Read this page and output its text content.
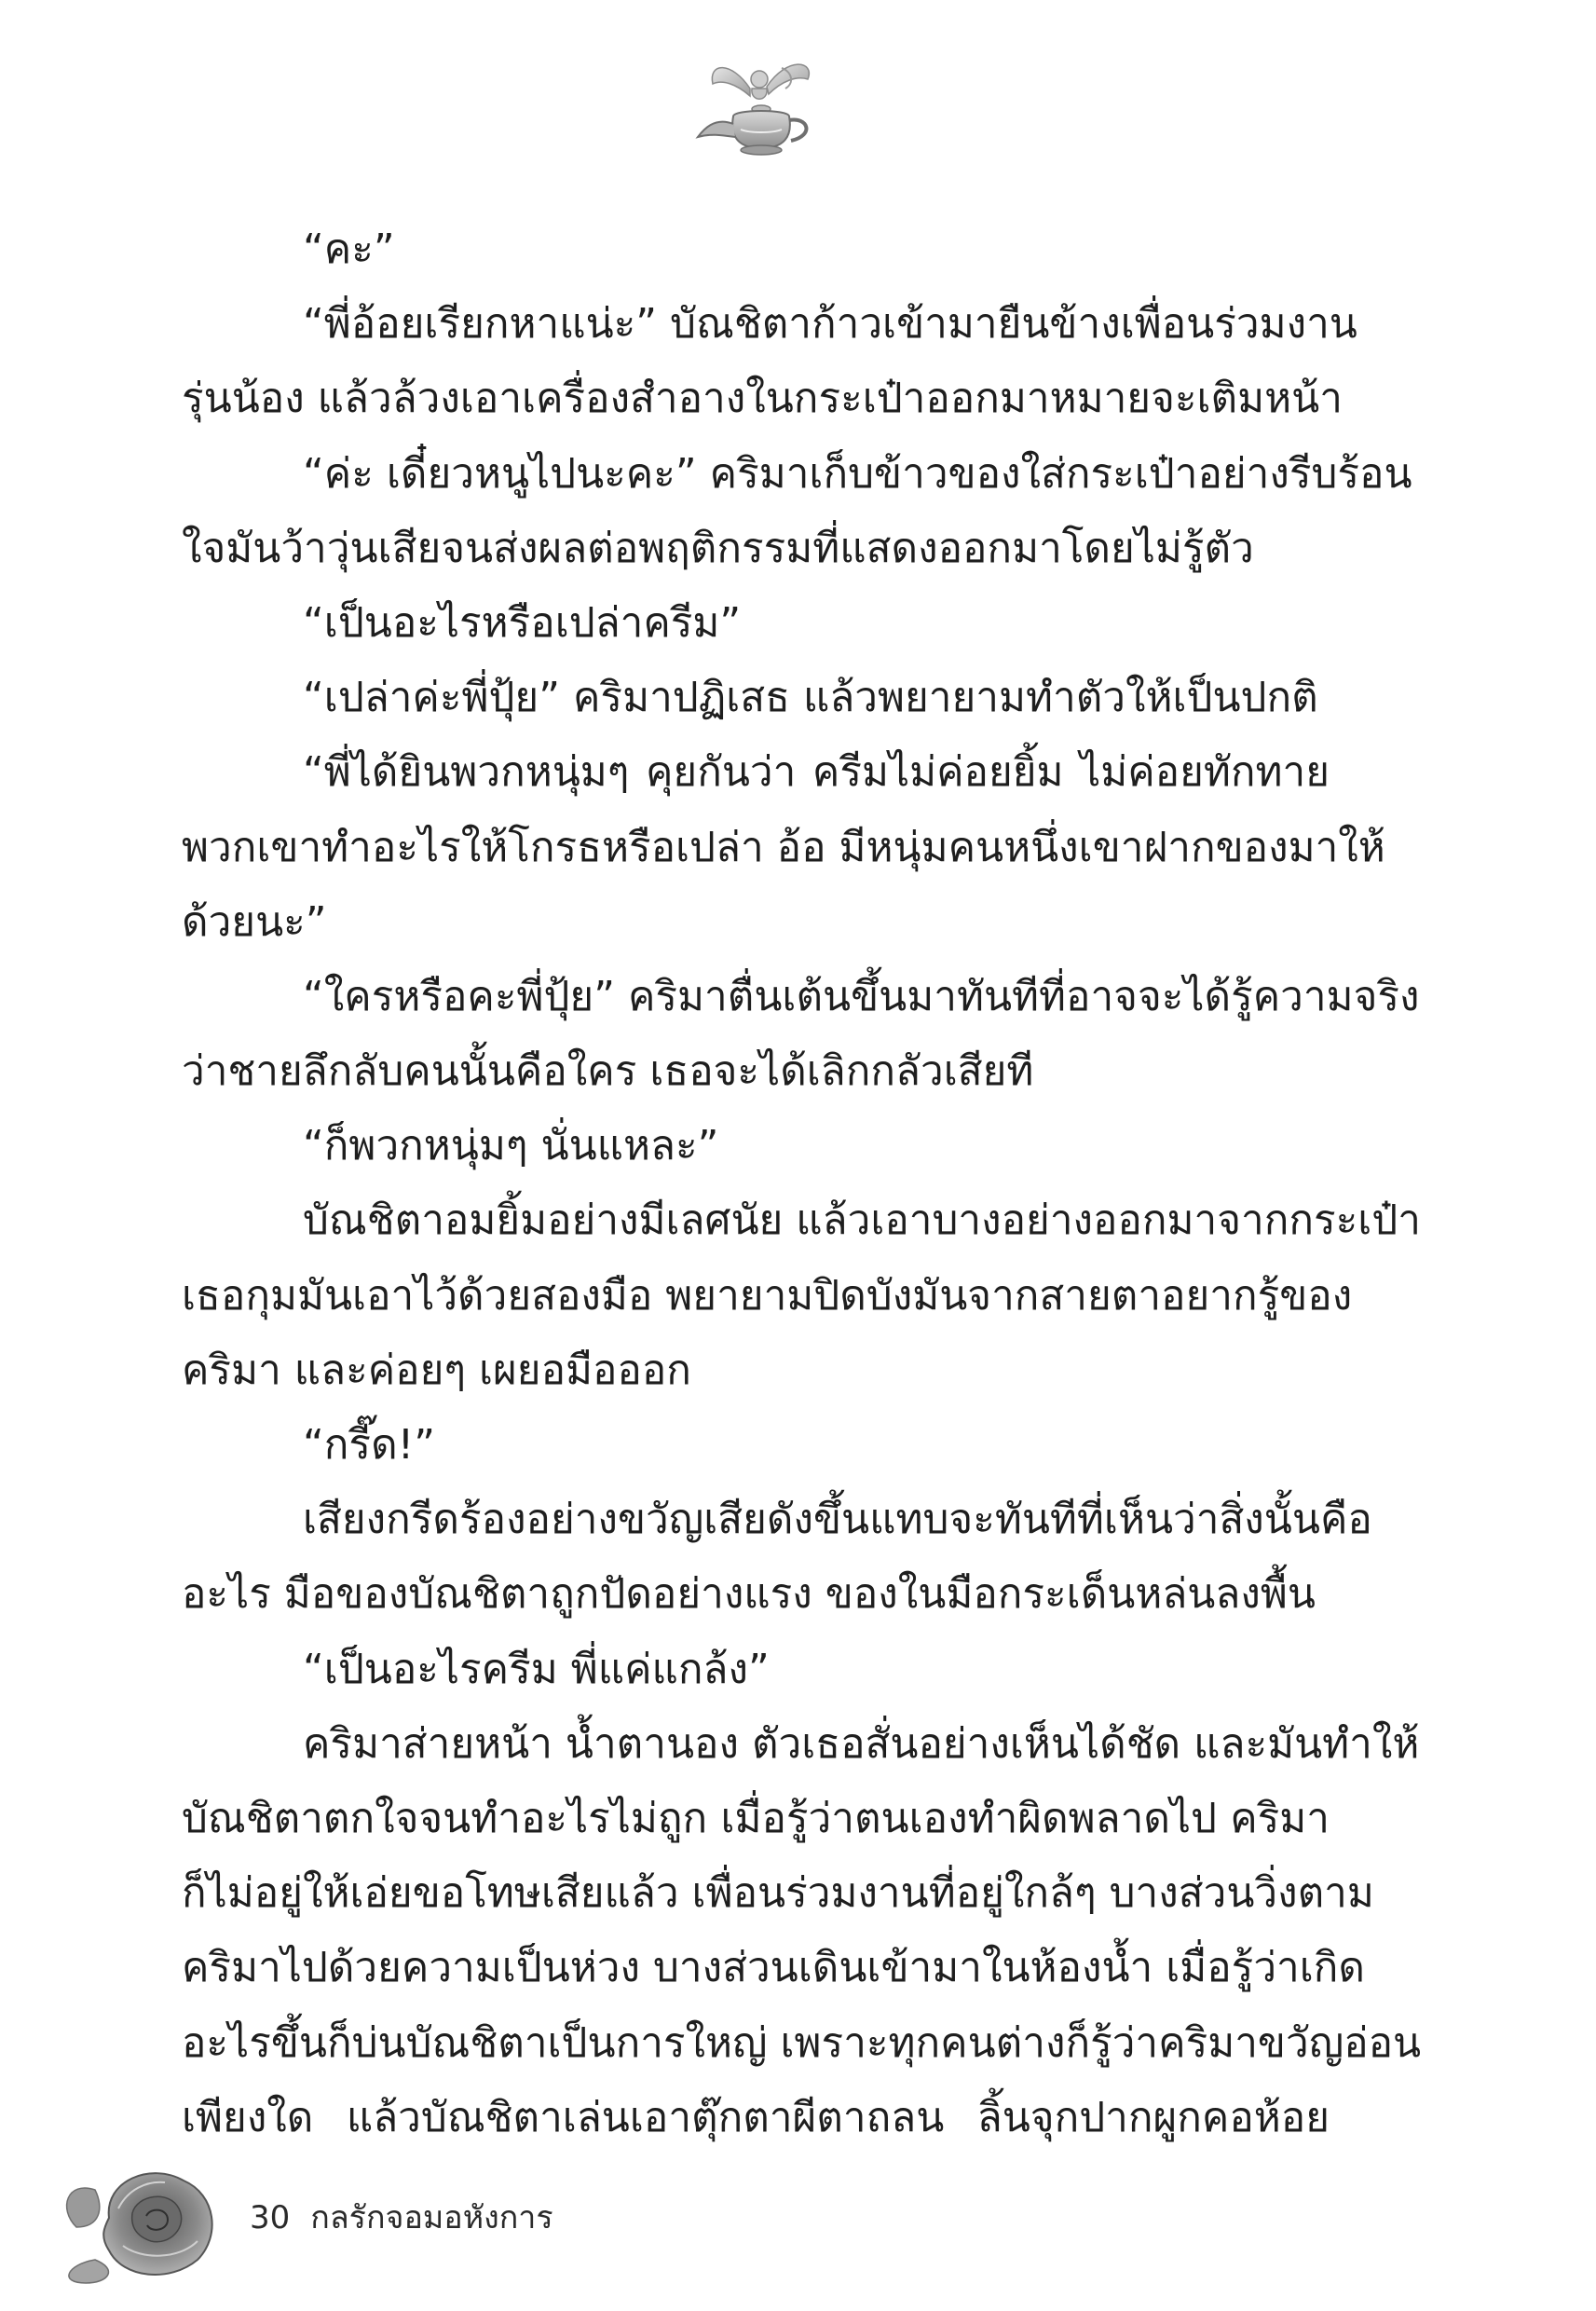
“คะ”
“พี่อ้อยเรียกหาแน่ะ” บัณชิตาก้าวเข้ามายืนข้างเพื่อนร่วมงาน
รุ่นน้อง แล้วล้วงเอาเครื่องสำอางในกระเป๋าออกมาหมายจะเติมหน้า
“ค่ะ เดี๋ยวหนูไปนะคะ” คริมาเก็บข้าวของใส่กระเป๋าอย่างรีบร้อน
ใจมันว้าวุ่นเสียจนส่งผลต่อพฤติกรรมที่แสดงออกมาโดยไม่รู้ตัว
“เป็นอะไรหรือเปล่าครีม”
“เปล่าค่ะพี่ปุ้ย” คริมาปฏิเสธ แล้วพยายามทำตัวให้เป็นปกติ
“พี่ได้ยินพวกหนุ่มๆ คุยกันว่า ครีมไม่ค่อยยิ้ม ไม่ค่อยทักทาย
พวกเขาทำอะไรให้โกรธหรือเปล่า อ้อ มีหนุ่มคนหนึ่งเขาฝากของมาให้
ด้วยนะ”
“ใครหรือคะพี่ปุ้ย” คริมาตื่นเต้นขึ้นมาทันทีที่อาจจะได้รู้ความจริง
ว่าชายลึกลับคนนั้นคือใคร เธอจะได้เลิกกลัวเสียที
“ก็พวกหนุ่มๆ นั่นแหละ”
บัณชิตาอมยิ้มอย่างมีเลศนัย แล้วเอาบางอย่างออกมาจากกระเป๋า
เธอกุมมันเอาไว้ด้วยสองมือ พยายามปิดบังมันจากสายตาอยากรู้ของ
คริมา และค่อยๆ เผยอมือออก
“กรี๊ด!”
เสียงกรีดร้องอย่างขวัญเสียดังขึ้นแทบจะทันทีที่เห็นว่าสิ่งนั้นคือ
อะไร มือของบัณชิตาถูกปัดอย่างแรง ของในมือกระเด็นหล่นลงพื้น
“เป็นอะไรครีม พี่แค่แกล้ง”
คริมาส่ายหน้า น้ำตานอง ตัวเธอสั่นอย่างเห็นได้ชัด และมันทำให้
บัณชิตาตกใจจนทำอะไรไม่ถูก เมื่อรู้ว่าตนเองทำผิดพลาดไป คริมา
ก็ไม่อยู่ให้เอ่ยขอโทษเสียแล้ว เพื่อนร่วมงานที่อยู่ใกล้ๆ บางส่วนวิ่งตาม
คริมาไปด้วยความเป็นห่วง บางส่วนเดินเข้ามาในห้องน้ำ เมื่อรู้ว่าเกิด
อะไรขึ้นก็บ่นบัณชิตาเป็นการใหญ่ เพราะทุกคนต่างก็รู้ว่าคริมาขวัญอ่อน
เพียงใด แล้วบัณชิตาเล่นเอาตุ๊กตาผีตาถลน ลิ้นจุกปากผูกคอห้อย
30 กลรักจอมอหังการ
